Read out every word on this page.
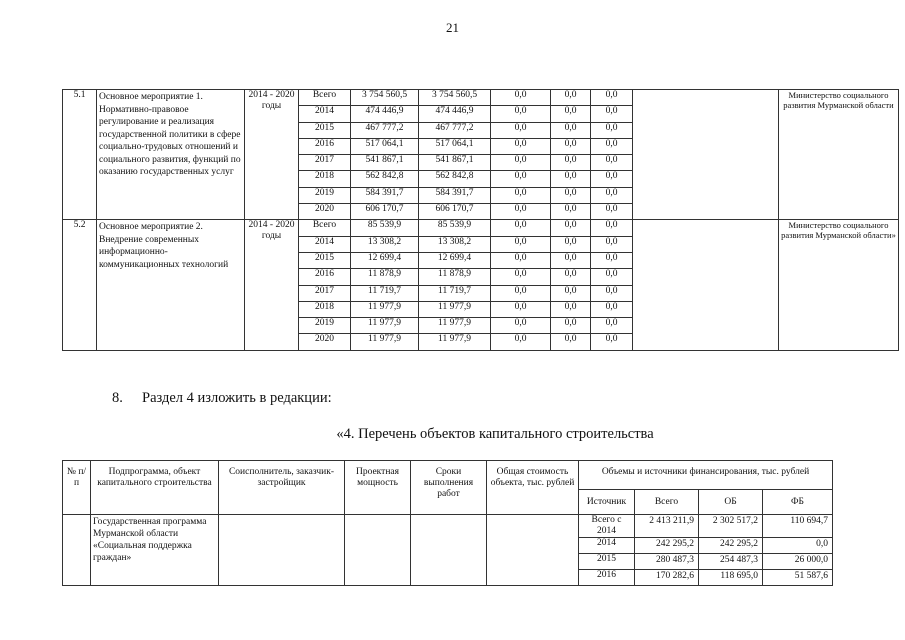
21
5.1	Основное мероприятие 1. Нормативно-правовое регулирование и реализация государственной политики в сфере социально-трудовых отношений и социального развития, функций по оказанию государственных услуг	2014 - 2020 годы	Всего	3 754 560,5	3 754 560,5	0,0	0,0	0,0		Министерство социального развития Мурманской области
			2014	474 446,9	474 446,9	0,0	0,0	0,0		
			2015	467 777,2	467 777,2	0,0	0,0	0,0		
			2016	517 064,1	517 064,1	0,0	0,0	0,0		
			2017	541 867,1	541 867,1	0,0	0,0	0,0		
			2018	562 842,8	562 842,8	0,0	0,0	0,0		
			2019	584 391,7	584 391,7	0,0	0,0	0,0		
			2020	606 170,7	606 170,7	0,0	0,0	0,0		
5.2	Основное мероприятие 2. Внедрение современных информационно-коммуникационных технологий	2014 - 2020 годы	Всего	85 539,9	85 539,9	0,0	0,0	0,0		Министерство социального развития Мурманской области»
			2014	13 308,2	13 308,2	0,0	0,0	0,0		
			2015	12 699,4	12 699,4	0,0	0,0	0,0		
			2016	11 878,9	11 878,9	0,0	0,0	0,0		
			2017	11 719,7	11 719,7	0,0	0,0	0,0		
			2018	11 977,9	11 977,9	0,0	0,0	0,0		
			2019	11 977,9	11 977,9	0,0	0,0	0,0		
			2020	11 977,9	11 977,9	0,0	0,0	0,0		
8. Раздел 4 изложить в редакции:
«4. Перечень объектов капитального строительства
№ п/п	Подпрограмма, объект капитального строительства	Соисполнитель, заказчик-застройщик	Проектная мощность	Сроки выполнения работ	Общая стоимость объекта, тыс. рублей	Объемы и источники финансирования, тыс. рублей			
						Источник	Всего	ОБ	ФБ
	Государственная программа Мурманской области «Социальная поддержка граждан»					Всего с 2014	2 413 211,9	2 302 517,2	110 694,7
						2014	242 295,2	242 295,2	0,0
						2015	280 487,3	254 487,3	26 000,0
						2016	170 282,6	118 695,0	51 587,6
